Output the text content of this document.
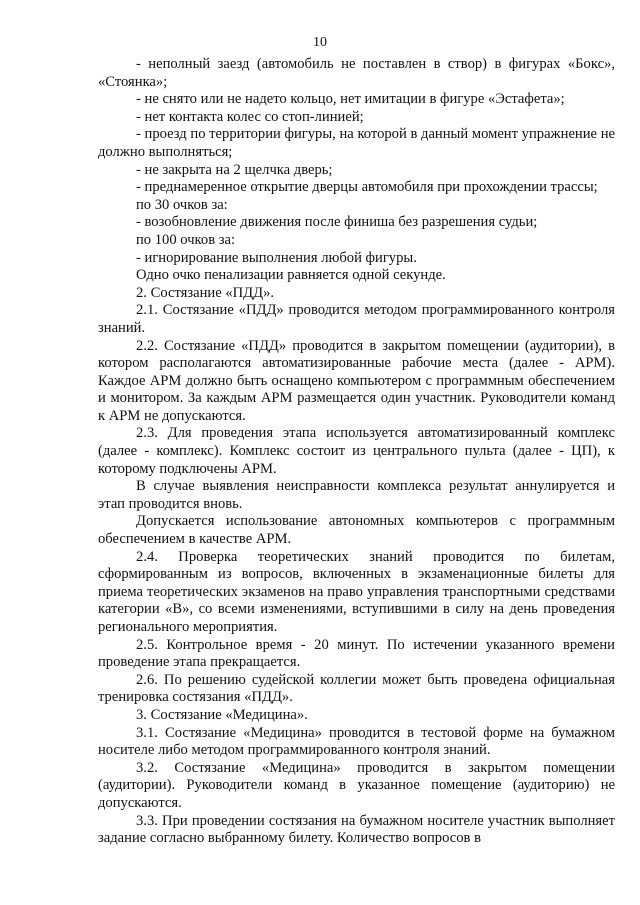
10

- неполный заезд (автомобиль не поставлен в створ) в фигурах «Бокс», «Стоянка»;

- не снято или не надето кольцо, нет имитации в фигуре «Эстафета»;

- нет контакта колес со стоп-линией;

- проезд по территории фигуры, на которой в данный момент упражнение не должно выполняться;

- не закрыта на 2 щелчка дверь;

- преднамеренное открытие дверцы автомобиля при прохождении трассы;

по 30 очков за:

- возобновление движения после финиша без разрешения судьи;

по 100 очков за:

- игнорирование выполнения любой фигуры.

Одно очко пенализации равняется одной секунде.

2. Состязание «ПДД».

2.1. Состязание «ПДД» проводится методом программированного контроля знаний.

2.2. Состязание «ПДД» проводится в закрытом помещении (аудитории), в котором располагаются автоматизированные рабочие места (далее - АРМ). Каждое АРМ должно быть оснащено компьютером с программным обеспечением и монитором. За каждым АРМ размещается один участник. Руководители команд к АРМ не допускаются.

2.3. Для проведения этапа используется автоматизированный комплекс (далее - комплекс). Комплекс состоит из центрального пульта (далее - ЦП), к которому подключены АРМ.

В случае выявления неисправности комплекса результат аннулируется и этап проводится вновь.

Допускается использование автономных компьютеров с программным обеспечением в качестве АРМ.

2.4. Проверка теоретических знаний проводится по билетам, сформированным из вопросов, включенных в экзаменационные билеты для приема теоретических экзаменов на право управления транспортными средствами категории «В», со всеми изменениями, вступившими в силу на день проведения регионального мероприятия.

2.5. Контрольное время - 20 минут. По истечении указанного времени проведение этапа прекращается.

2.6. По решению судейской коллегии может быть проведена официальная тренировка состязания «ПДД».

3. Состязание «Медицина».

3.1. Состязание «Медицина» проводится в тестовой форме на бумажном носителе либо методом программированного контроля знаний.

3.2. Состязание «Медицина» проводится в закрытом помещении (аудитории). Руководители команд в указанное помещение (аудиторию) не допускаются.

3.3. При проведении состязания на бумажном носителе участник выполняет задание согласно выбранному билету. Количество вопросов в
